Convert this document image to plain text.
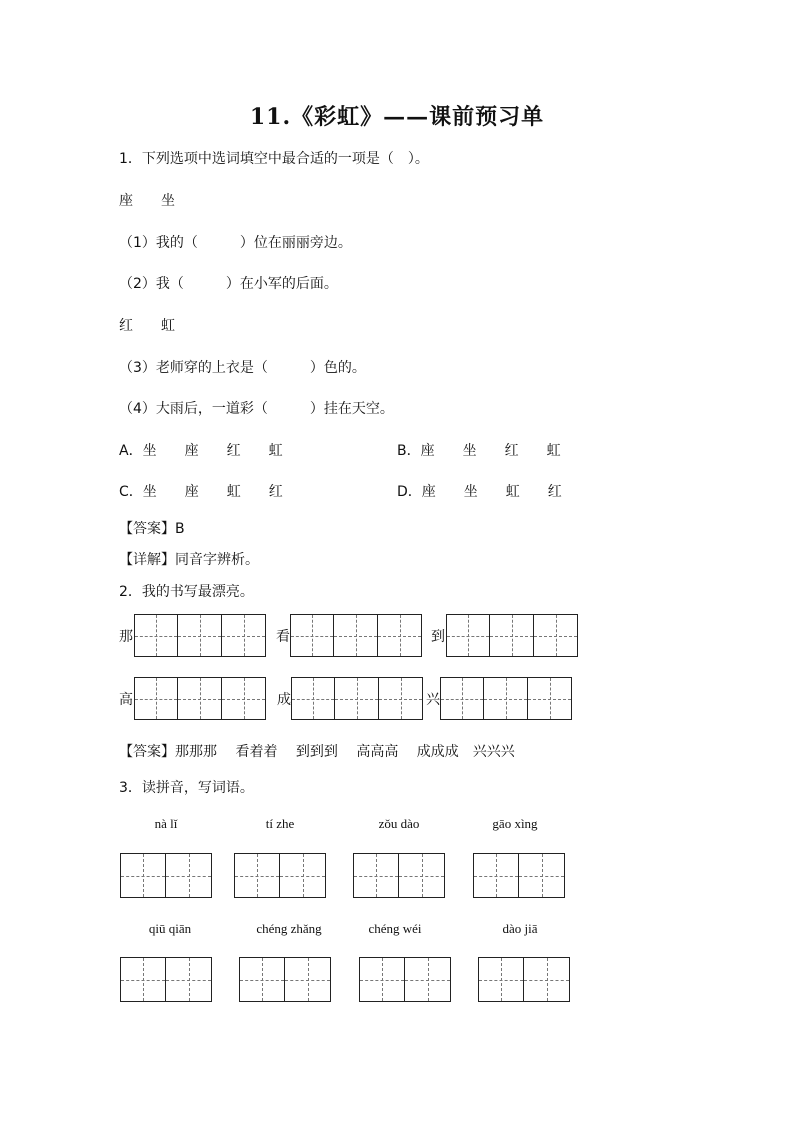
11.《彩虹》——课前预习单
1．下列选项中选词填空中最合适的一项是（　）。
座　　坐
（1）我的（　　　）位在丽丽旁边。
（2）我（　　　）在小军的后面。
红　　虹
（3）老师穿的上衣是（　　　）色的。
（4）大雨后，一道彩（　　　）挂在天空。
A．坐　　座　　红　　虹	B．座　　坐　　红　　虹
C．坐　　座　　虹　　红	D．座　　坐　　虹　　红
【答案】B
【详解】同音字辨析。
2．我的书写最漂亮。
那	看	到
高	成	兴
【答案】那那那　 看着着　 到到到　 高高高　 成成成　兴兴兴
3．读拼音，写词语。
nà lǐ	tí zhe	zǒu dào	gāo xìng
qiū qiān	chéng zhǎng	chéng wéi	dào jiā
